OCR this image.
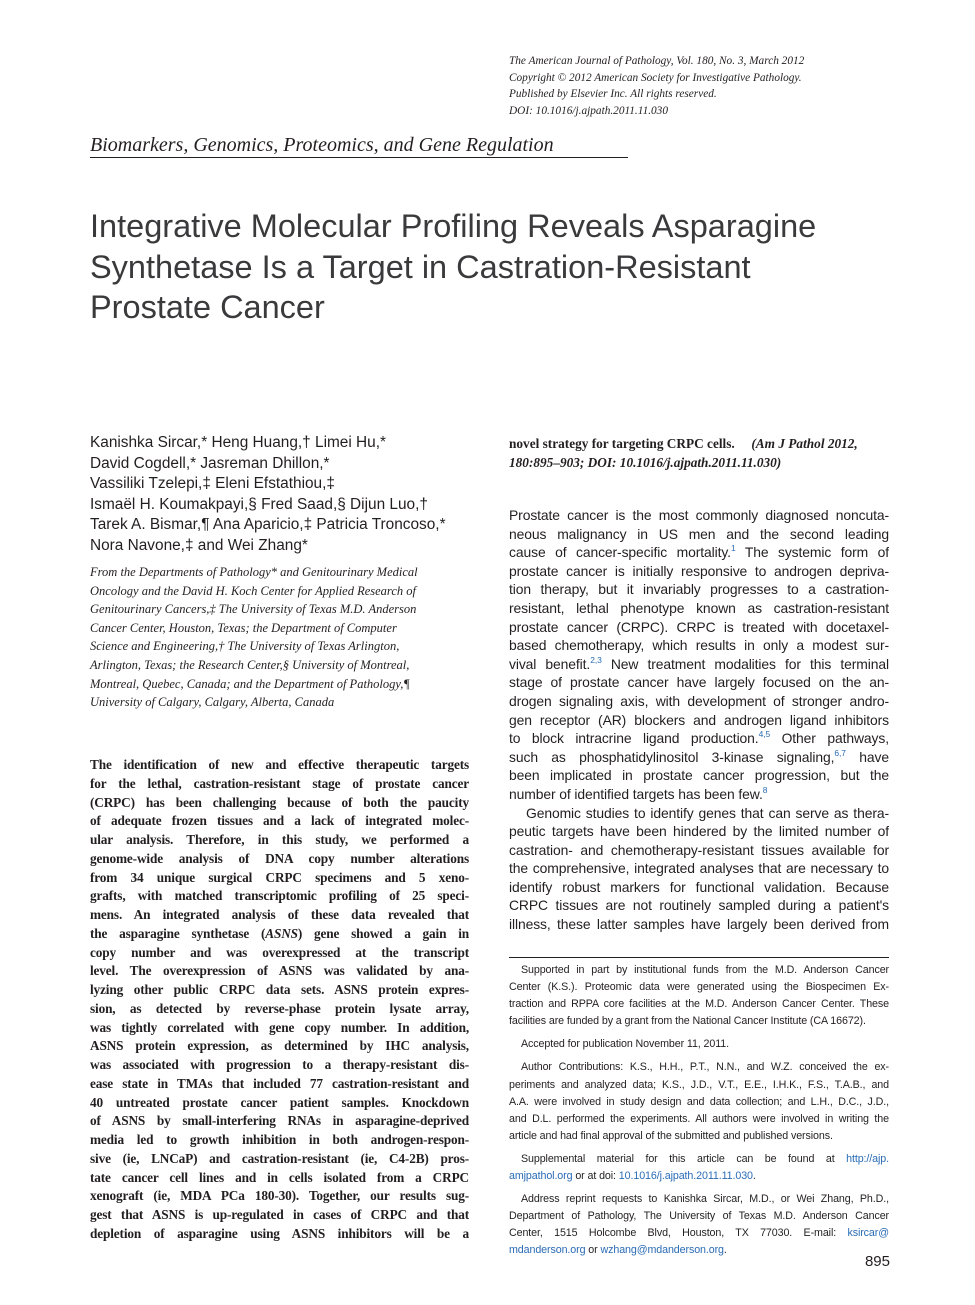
The American Journal of Pathology, Vol. 180, No. 3, March 2012
Copyright © 2012 American Society for Investigative Pathology.
Published by Elsevier Inc. All rights reserved.
DOI: 10.1016/j.ajpath.2011.11.030
Biomarkers, Genomics, Proteomics, and Gene Regulation
Integrative Molecular Profiling Reveals Asparagine
Synthetase Is a Target in Castration-Resistant
Prostate Cancer
Kanishka Sircar,* Heng Huang,† Limei Hu,*
David Cogdell,* Jasreman Dhillon,*
Vassiliki Tzelepi,‡ Eleni Efstathiou,‡
Ismaël H. Koumakpayi,§ Fred Saad,§ Dijun Luo,†
Tarek A. Bismar,¶ Ana Aparicio,‡ Patricia Troncoso,*
Nora Navone,‡ and Wei Zhang*
From the Departments of Pathology* and Genitourinary Medical
Oncology and the David H. Koch Center for Applied Research of
Genitourinary Cancers,‡ The University of Texas M.D. Anderson
Cancer Center, Houston, Texas; the Department of Computer
Science and Engineering,† The University of Texas Arlington,
Arlington, Texas; the Research Center,§ University of Montreal,
Montreal, Quebec, Canada; and the Department of Pathology,¶
University of Calgary, Calgary, Alberta, Canada
The identification of new and effective therapeutic targets
for the lethal, castration-resistant stage of prostate cancer
(CRPC) has been challenging because of both the paucity
of adequate frozen tissues and a lack of integrated molec-
ular analysis. Therefore, in this study, we performed a
genome-wide analysis of DNA copy number alterations
from 34 unique surgical CRPC specimens and 5 xeno-
grafts, with matched transcriptomic profiling of 25 speci-
mens. An integrated analysis of these data revealed that
the asparagine synthetase (ASNS) gene showed a gain in
copy number and was overexpressed at the transcript
level. The overexpression of ASNS was validated by ana-
lyzing other public CRPC data sets. ASNS protein expres-
sion, as detected by reverse-phase protein lysate array,
was tightly correlated with gene copy number. In addition,
ASNS protein expression, as determined by IHC analysis,
was associated with progression to a therapy-resistant dis-
ease state in TMAs that included 77 castration-resistant and
40 untreated prostate cancer patient samples. Knockdown
of ASNS by small-interfering RNAs in asparagine-deprived
media led to growth inhibition in both androgen-respon-
sive (ie, LNCaP) and castration-resistant (ie, C4-2B) pros-
tate cancer cell lines and in cells isolated from a CRPC
xenograft (ie, MDA PCa 180-30). Together, our results sug-
gest that ASNS is up-regulated in cases of CRPC and that
depletion of asparagine using ASNS inhibitors will be a
novel strategy for targeting CRPC cells. (Am J Pathol 2012,
180:895–903; DOI: 10.1016/j.ajpath.2011.11.030)
Prostate cancer is the most commonly diagnosed noncuta-
neous malignancy in US men and the second leading
cause of cancer-specific mortality.$^1$ The systemic form of
prostate cancer is initially responsive to androgen depriva-
tion therapy, but it invariably progresses to a castration-
resistant, lethal phenotype known as castration-resistant
prostate cancer (CRPC). CRPC is treated with docetaxel-
based chemotherapy, which results in only a modest sur-
vival benefit.$^{2,3}$ New treatment modalities for this terminal
stage of prostate cancer have largely focused on the an-
drogen signaling axis, with development of stronger andro-
gen receptor (AR) blockers and androgen ligand inhibitors
to block intracrine ligand production.$^{4,5}$ Other pathways,
such as phosphatidylinositol 3-kinase signaling,$^{6,7}$ have
been implicated in prostate cancer progression, but the
number of identified targets has been few.$^8$
Genomic studies to identify genes that can serve as thera-
peutic targets have been hindered by the limited number of
castration- and chemotherapy-resistant tissues available for
the comprehensive, integrated analyses that are necessary to
identify robust markers for functional validation. Because
CRPC tissues are not routinely sampled during a patient's
illness, these latter samples have largely been derived from
Supported in part by institutional funds from the M.D. Anderson Cancer
Center (K.S.). Proteomic data were generated using the Biospecimen Ex-
traction and RPPA core facilities at the M.D. Anderson Cancer Center. These
facilities are funded by a grant from the National Cancer Institute (CA 16672).
Accepted for publication November 11, 2011.
Author Contributions: K.S., H.H., P.T., N.N., and W.Z. conceived the ex-
periments and analyzed data; K.S., J.D., V.T., E.E., I.H.K., F.S., T.A.B., and
A.A. were involved in study design and data collection; and L.H., D.C., J.D.,
and D.L. performed the experiments. All authors were involved in writing the
article and had final approval of the submitted and published versions.
Supplemental material for this article can be found at http://ajp.
amjpathol.org or at doi: 10.1016/j.ajpath.2011.11.030.
Address reprint requests to Kanishka Sircar, M.D., or Wei Zhang, Ph.D.,
Department of Pathology, The University of Texas M.D. Anderson Cancer
Center, 1515 Holcombe Blvd, Houston, TX 77030. E-mail: ksircar@
mdanderson.org or wzhang@mdanderson.org.
895
